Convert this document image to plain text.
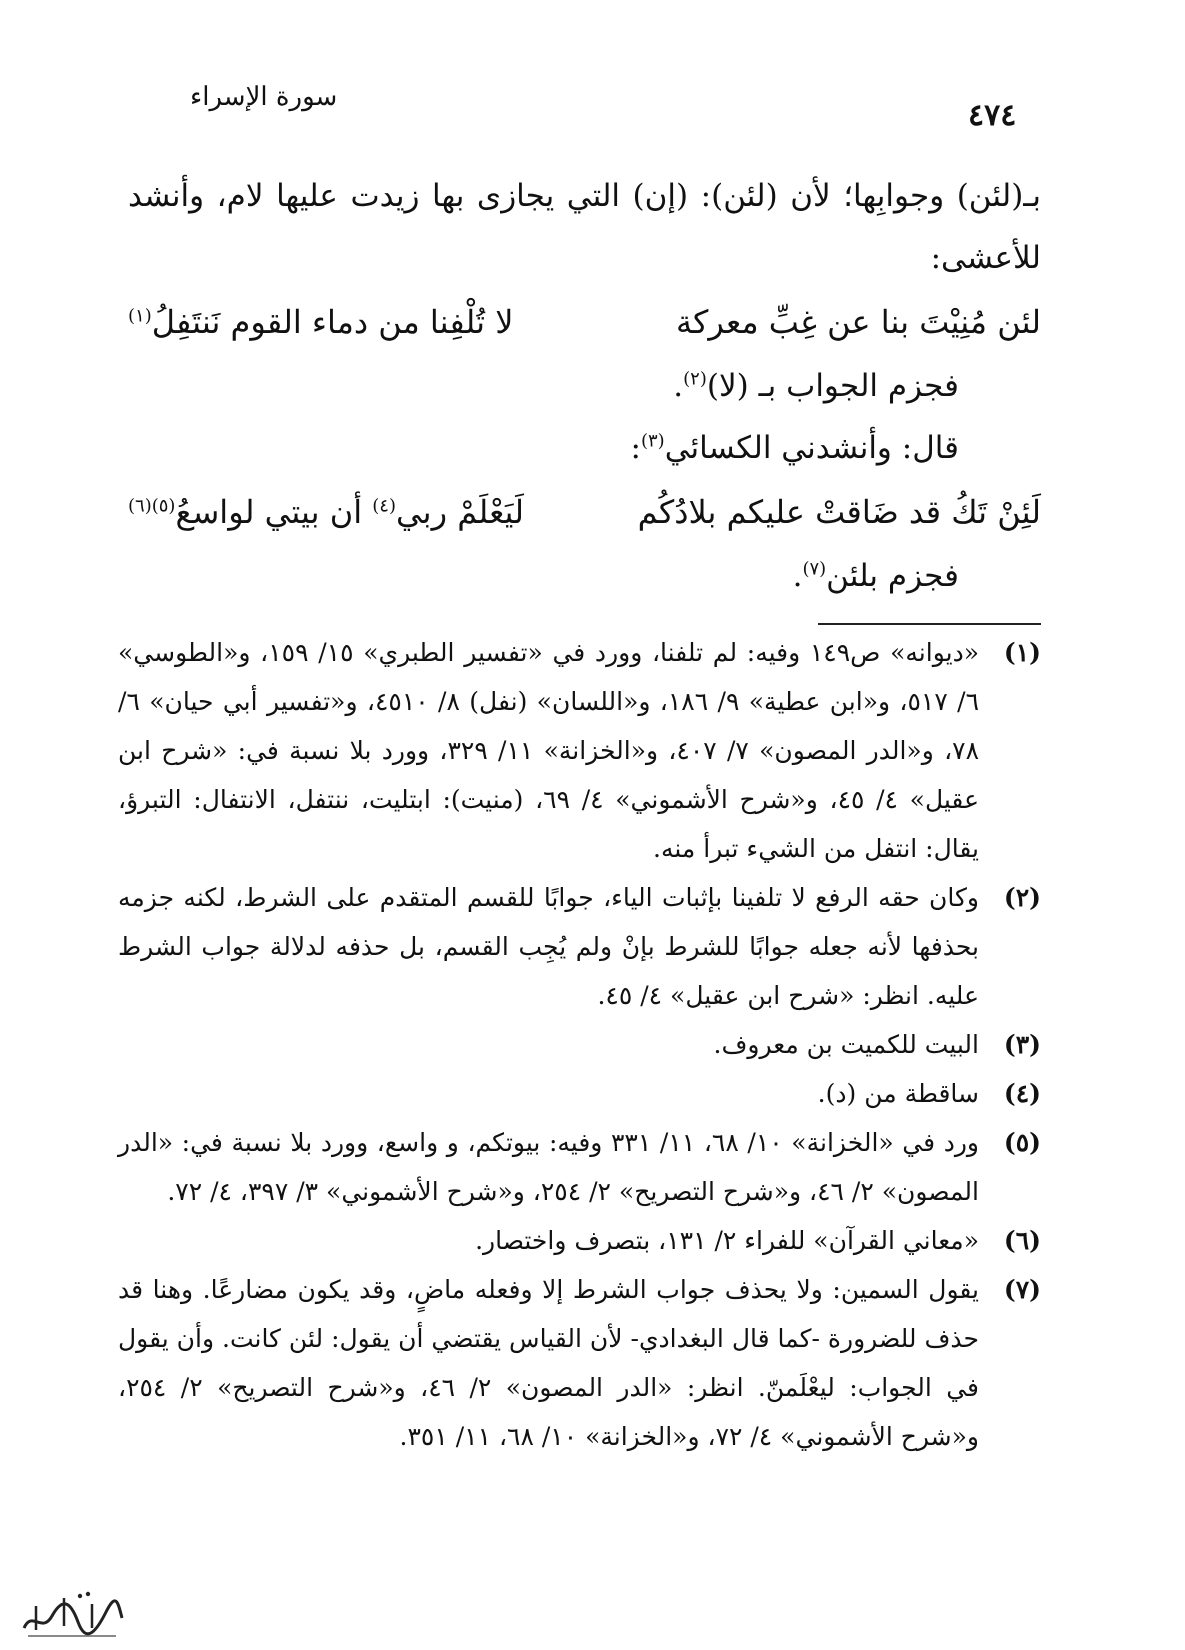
سورة الإسراء
٤٧٤

بـ(لئن) وجوابِها؛ لأن (لئن): (إن) التي يجازى بها زيدت عليها لام، وأنشد للأعشى:

لئن مُنِيْتَ بنا عن غِبِّ معركة
لا تُلْفِنا من دماء القوم نَنتَفِلُ$^{(١)}$

فجزم الجواب بـ (لا)$^{(٢)}$.

قال: وأنشدني الكسائي$^{(٣)}$:

لَئِنْ تَكُ قد ضَاقتْ عليكم بلادُكُم
لَيَعْلَمْ ربي$^{(٤)}$ أن بيتي لواسعُ$^{(٥)(٦)}$

فجزم بلئن$^{(٧)}$.

(١)
«ديوانه» ص١٤٩ وفيه: لم تلفنا، وورد في «تفسير الطبري» ١٥/ ١٥٩، و«الطوسي» ٦/ ٥١٧، و«ابن عطية» ٩/ ١٨٦، و«اللسان» (نفل) ٨/ ٤٥١٠، و«تفسير أبي حيان» ٦/ ٧٨، و«الدر المصون» ٧/ ٤٠٧، و«الخزانة» ١١/ ٣٢٩، وورد بلا نسبة في: «شرح ابن عقيل» ٤/ ٤٥، و«شرح الأشموني» ٤/ ٦٩، (منيت): ابتليت، ننتفل، الانتفال: التبرؤ، يقال: انتفل من الشيء تبرأ منه.
(٢)
وكان حقه الرفع لا تلفينا بإثبات الياء، جوابًا للقسم المتقدم على الشرط، لكنه جزمه بحذفها لأنه جعله جوابًا للشرط بإنْ ولم يُجِب القسم، بل حذفه لدلالة جواب الشرط عليه. انظر: «شرح ابن عقيل» ٤/ ٤٥.
(٣)
البيت للكميت بن معروف.
(٤)
ساقطة من (د).
(٥)
ورد في «الخزانة» ١٠/ ٦٨، ١١/ ٣٣١ وفيه: بيوتكم، و واسع، وورد بلا نسبة في: «الدر المصون» ٢/ ٤٦، و«شرح التصريح» ٢/ ٢٥٤، و«شرح الأشموني» ٣/ ٣٩٧، ٤/ ٧٢.
(٦)
«معاني القرآن» للفراء ٢/ ١٣١، بتصرف واختصار.
(٧)
يقول السمين: ولا يحذف جواب الشرط إلا وفعله ماضٍ، وقد يكون مضارعًا. وهنا قد حذف للضرورة -كما قال البغدادي- لأن القياس يقتضي أن يقول: لئن كانت. وأن يقول في الجواب: ليعْلَمنّ. انظر: «الدر المصون» ٢/ ٤٦، و«شرح التصريح» ٢/ ٢٥٤، و«شرح الأشموني» ٤/ ٧٢، و«الخزانة» ١٠/ ٦٨، ١١/ ٣٥١.
